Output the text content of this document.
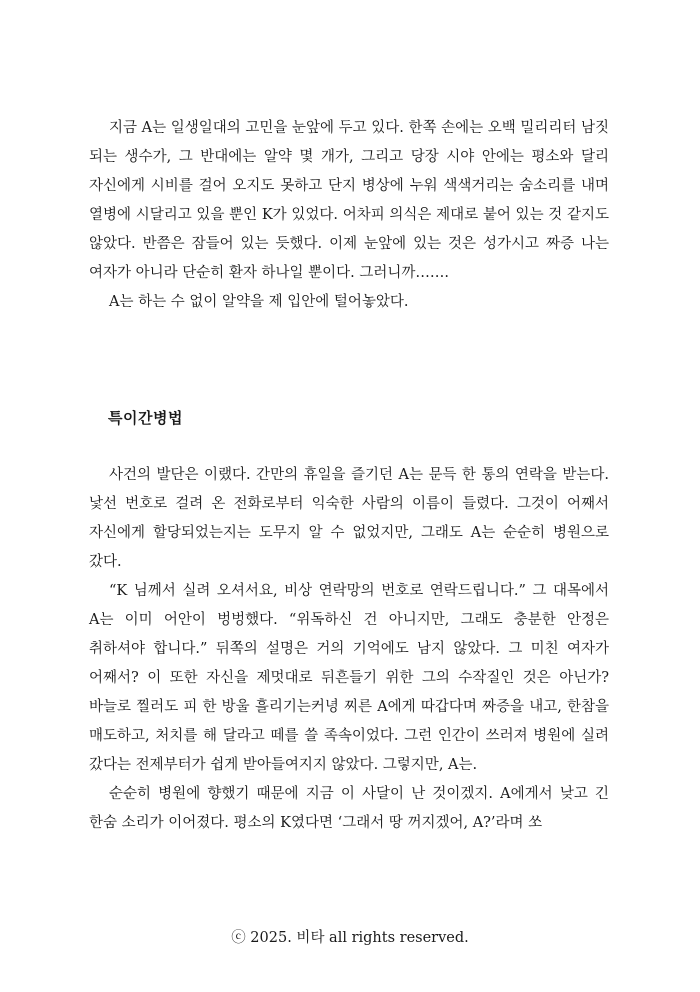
지금 A는 일생일대의 고민을 눈앞에 두고 있다. 한쪽 손에는 오백 밀리리터 남짓 되는 생수가, 그 반대에는 알약 몇 개가, 그리고 당장 시야 안에는 평소와 달리 자신에게 시비를 걸어 오지도 못하고 단지 병상에 누워 색색거리는 숨소리를 내며 열병에 시달리고 있을 뿐인 K가 있었다. 어차피 의식은 제대로 붙어 있는 것 같지도 않았다. 반쯤은 잠들어 있는 듯했다. 이제 눈앞에 있는 것은 성가시고 짜증 나는 여자가 아니라 단순히 환자 하나일 뿐이다. 그러니까…….

A는 하는 수 없이 알약을 제 입안에 털어놓았다.

특이간병법

사건의 발단은 이랬다. 간만의 휴일을 즐기던 A는 문득 한 통의 연락을 받는다. 낯선 번호로 걸려 온 전화로부터 익숙한 사람의 이름이 들렸다. 그것이 어째서 자신에게 할당되었는지는 도무지 알 수 없었지만, 그래도 A는 순순히 병원으로 갔다.

“K 님께서 실려 오셔서요, 비상 연락망의 번호로 연락드립니다.” 그 대목에서 A는 이미 어안이 벙벙했다. “위독하신 건 아니지만, 그래도 충분한 안정은 취하셔야 합니다.” 뒤쪽의 설명은 거의 기억에도 남지 않았다. 그 미친 여자가 어째서? 이 또한 자신을 제멋대로 뒤흔들기 위한 그의 수작질인 것은 아닌가? 바늘로 찔러도 피 한 방울 흘리기는커녕 찌른 A에게 따갑다며 짜증을 내고, 한참을 매도하고, 처치를 해 달라고 떼를 쓸 족속이었다. 그런 인간이 쓰러져 병원에 실려 갔다는 전제부터가 쉽게 받아들여지지 않았다. 그렇지만, A는.

순순히 병원에 향했기 때문에 지금 이 사달이 난 것이겠지. A에게서 낮고 긴 한숨 소리가 이어졌다. 평소의 K였다면 ‘그래서 땅 꺼지겠어, A?’라며 쏘

ⓒ 2025. 비타 all rights reserved.
